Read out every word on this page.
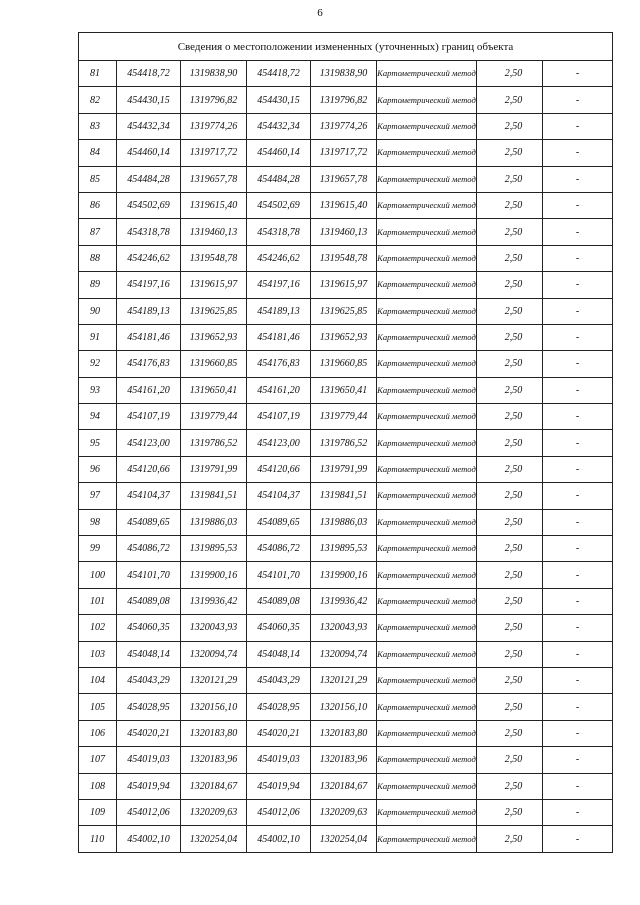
6
Сведения о местоположении измененных (уточненных) границ объекта							
81	454418,72	1319838,90	454418,72	1319838,90	Картометрический метод	2,50	-
82	454430,15	1319796,82	454430,15	1319796,82	Картометрический метод	2,50	-
83	454432,34	1319774,26	454432,34	1319774,26	Картометрический метод	2,50	-
84	454460,14	1319717,72	454460,14	1319717,72	Картометрический метод	2,50	-
85	454484,28	1319657,78	454484,28	1319657,78	Картометрический метод	2,50	-
86	454502,69	1319615,40	454502,69	1319615,40	Картометрический метод	2,50	-
87	454318,78	1319460,13	454318,78	1319460,13	Картометрический метод	2,50	-
88	454246,62	1319548,78	454246,62	1319548,78	Картометрический метод	2,50	-
89	454197,16	1319615,97	454197,16	1319615,97	Картометрический метод	2,50	-
90	454189,13	1319625,85	454189,13	1319625,85	Картометрический метод	2,50	-
91	454181,46	1319652,93	454181,46	1319652,93	Картометрический метод	2,50	-
92	454176,83	1319660,85	454176,83	1319660,85	Картометрический метод	2,50	-
93	454161,20	1319650,41	454161,20	1319650,41	Картометрический метод	2,50	-
94	454107,19	1319779,44	454107,19	1319779,44	Картометрический метод	2,50	-
95	454123,00	1319786,52	454123,00	1319786,52	Картометрический метод	2,50	-
96	454120,66	1319791,99	454120,66	1319791,99	Картометрический метод	2,50	-
97	454104,37	1319841,51	454104,37	1319841,51	Картометрический метод	2,50	-
98	454089,65	1319886,03	454089,65	1319886,03	Картометрический метод	2,50	-
99	454086,72	1319895,53	454086,72	1319895,53	Картометрический метод	2,50	-
100	454101,70	1319900,16	454101,70	1319900,16	Картометрический метод	2,50	-
101	454089,08	1319936,42	454089,08	1319936,42	Картометрический метод	2,50	-
102	454060,35	1320043,93	454060,35	1320043,93	Картометрический метод	2,50	-
103	454048,14	1320094,74	454048,14	1320094,74	Картометрический метод	2,50	-
104	454043,29	1320121,29	454043,29	1320121,29	Картометрический метод	2,50	-
105	454028,95	1320156,10	454028,95	1320156,10	Картометрический метод	2,50	-
106	454020,21	1320183,80	454020,21	1320183,80	Картометрический метод	2,50	-
107	454019,03	1320183,96	454019,03	1320183,96	Картометрический метод	2,50	-
108	454019,94	1320184,67	454019,94	1320184,67	Картометрический метод	2,50	-
109	454012,06	1320209,63	454012,06	1320209,63	Картометрический метод	2,50	-
110	454002,10	1320254,04	454002,10	1320254,04	Картометрический метод	2,50	-
